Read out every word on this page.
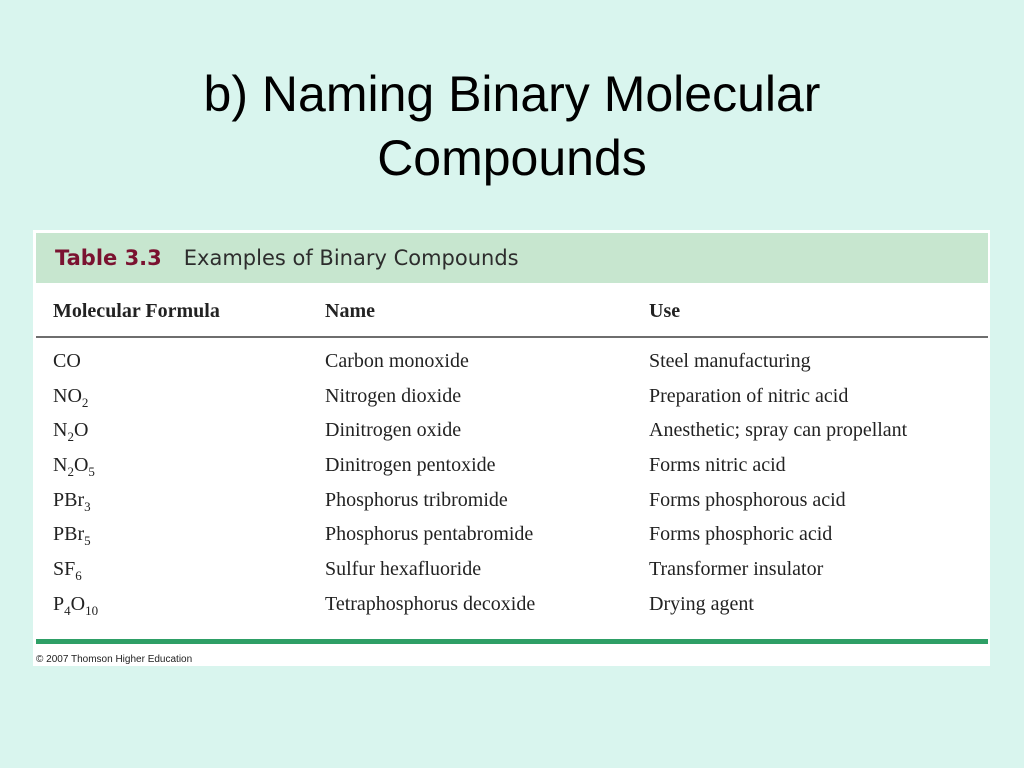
b) Naming Binary Molecular
Compounds
Table 3.3 Examples of Binary Compounds
Molecular Formula	Name	Use
CO	Carbon monoxide	Steel manufacturing
$NO_2$	Nitrogen dioxide	Preparation of nitric acid
$N_2O$	Dinitrogen oxide	Anesthetic; spray can propellant
$N_2O_5$	Dinitrogen pentoxide	Forms nitric acid
PBr$_3$	Phosphorus tribromide	Forms phosphorous acid
PBr$_5$	Phosphorus pentabromide	Forms phosphoric acid
$SF_6$	Sulfur hexafluoride	Transformer insulator
$P_4O_{10}$	Tetraphosphorus decoxide	Drying agent
© 2007 Thomson Higher Education
